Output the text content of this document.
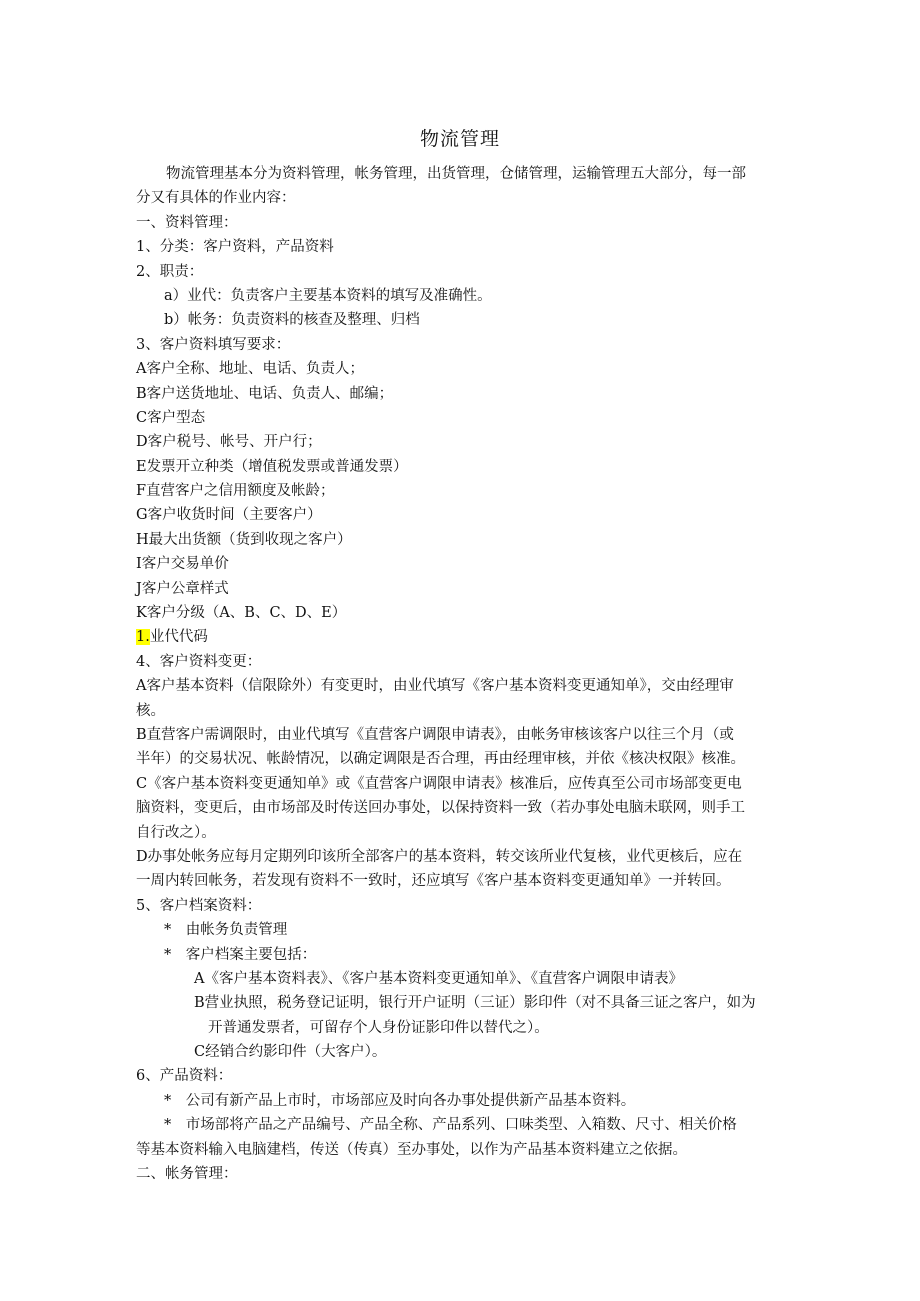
物流管理
物流管理基本分为资料管理，帐务管理，出货管理，仓储管理，运输管理五大部分，每一部
分又有具体的作业内容：
一、资料管理：
1、分类：客户资料，产品资料
2、职责：
a）业代：负责客户主要基本资料的填写及准确性。
b）帐务：负责资料的核查及整理、归档
3、客户资料填写要求：
A客户全称、地址、电话、负责人；
B客户送货地址、电话、负责人、邮编；
C客户型态
D客户税号、帐号、开户行；
E发票开立种类（增值税发票或普通发票）
F直营客户之信用额度及帐龄；
G客户收货时间（主要客户）
H最大出货额（货到收现之客户）
I客户交易单价
J客户公章样式
K客户分级（A、B、C、D、E）
1.业代代码
4、客户资料变更：
A客户基本资料（信限除外）有变更时，由业代填写《客户基本资料变更通知单》，交由经理审
核。
B直营客户需调限时，由业代填写《直营客户调限申请表》，由帐务审核该客户以往三个月（或
半年）的交易状况、帐龄情况，以确定调限是否合理，再由经理审核，并依《核决权限》核准。
C《客户基本资料变更通知单》或《直营客户调限申请表》核准后，应传真至公司市场部变更电
脑资料，变更后，由市场部及时传送回办事处，以保持资料一致（若办事处电脑未联网，则手工
自行改之）。
D办事处帐务应每月定期列印该所全部客户的基本资料，转交该所业代复核，业代更核后，应在
一周内转回帐务，若发现有资料不一致时，还应填写《客户基本资料变更通知单》一并转回。
5、客户档案资料：
*　由帐务负责管理
*　客户档案主要包括：
A《客户基本资料表》、《客户基本资料变更通知单》、《直营客户调限申请表》
B营业执照，税务登记证明，银行开户证明（三证）影印件（对不具备三证之客户，如为
开普通发票者，可留存个人身份证影印件以替代之）。
C经销合约影印件（大客户）。
6、产品资料：
*　公司有新产品上市时，市场部应及时向各办事处提供新产品基本资料。
*　市场部将产品之产品编号、产品全称、产品系列、口味类型、入箱数、尺寸、相关价格
等基本资料输入电脑建档，传送（传真）至办事处，以作为产品基本资料建立之依据。
二、帐务管理：
